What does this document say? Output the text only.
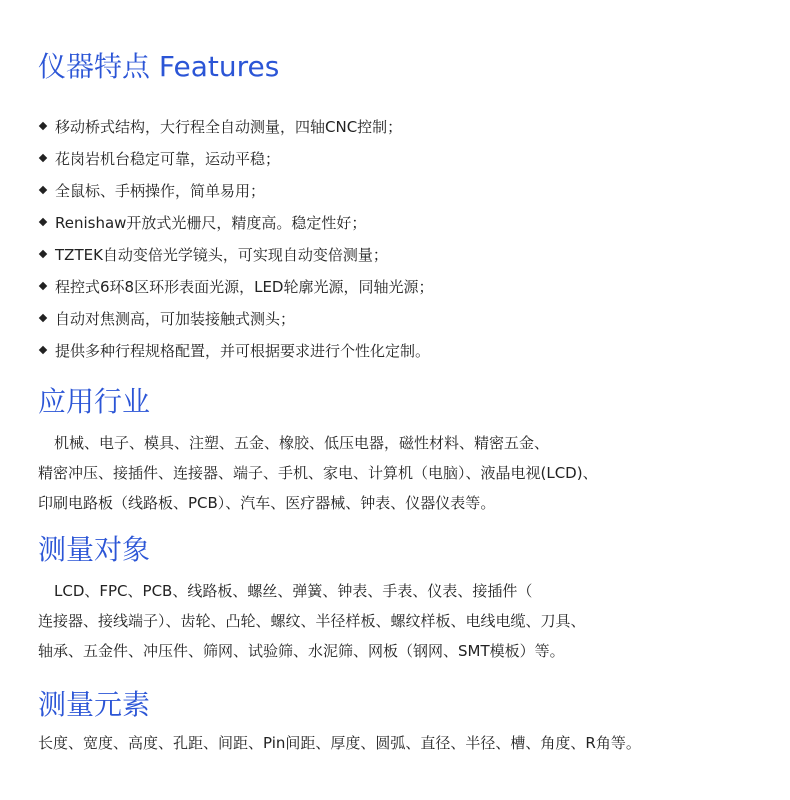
仪器特点 Features
移动桥式结构，大行程全自动测量，四轴CNC控制；
花岗岩机台稳定可靠，运动平稳；
全鼠标、手柄操作，简单易用；
Renishaw开放式光栅尺，精度高。稳定性好；
TZTEK自动变倍光学镜头，可实现自动变倍测量；
程控式6环8区环形表面光源，LED轮廓光源，同轴光源；
自动对焦测高，可加装接触式测头；
提供多种行程规格配置，并可根据要求进行个性化定制。
应用行业
机械、电子、模具、注塑、五金、橡胶、低压电器，磁性材料、精密五金、
精密冲压、接插件、连接器、端子、手机、家电、计算机（电脑）、液晶电视(LCD)、
印刷电路板（线路板、PCB）、汽车、医疗器械、钟表、仪器仪表等。
测量对象
LCD、FPC、PCB、线路板、螺丝、弹簧、钟表、手表、仪表、接插件（
连接器、接线端子）、齿轮、凸轮、螺纹、半径样板、螺纹样板、电线电缆、刀具、
轴承、五金件、冲压件、筛网、试验筛、水泥筛、网板（钢网、SMT模板）等。
测量元素
长度、宽度、高度、孔距、间距、Pin间距、厚度、圆弧、直径、半径、槽、角度、R角等。
